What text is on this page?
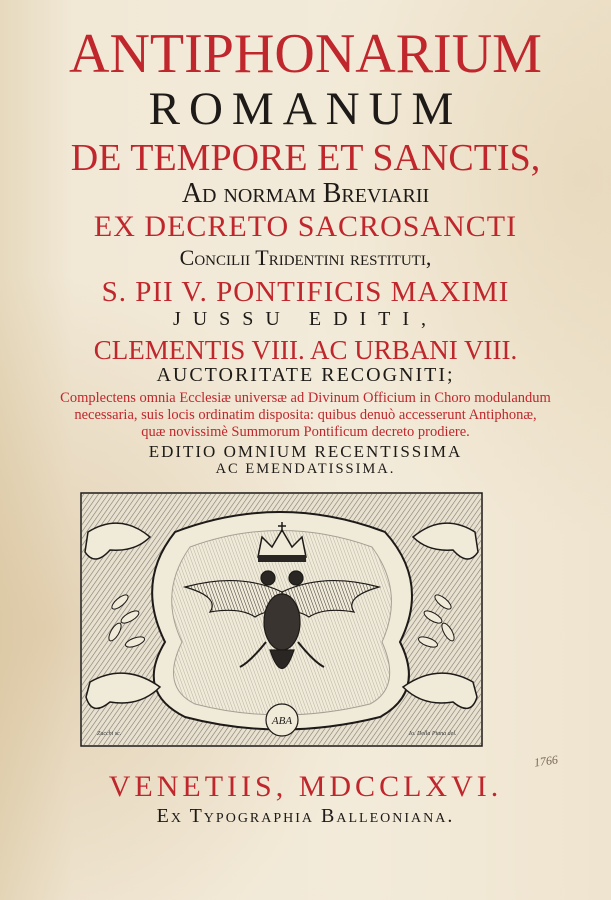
ANTIPHONARIUM
ROMANUM
DE TEMPORE ET SANCTIS,
Ad normam Breviarii
EX DECRETO SACROSANCTI
Concilii Tridentini restituti,
S. PII V. PONTIFICIS MAXIMI
JUSSU EDITI,
CLEMENTIS VIII. AC URBANI VIII.
AUCTORITATE RECOGNITI;
Complectens omnia Ecclesiæ universæ ad Divinum Officium in Choro modulandum
necessaria, suis locis ordinatim disposita: quibus denuò accesserunt Antiphonæ,
quæ novissimè Summorum Pontificum decreto prodiere.
EDITIO OMNIUM RECENTISSIMA
AC EMENDATISSIMA.
ABA
Zucchi sc.	Io. Della Piana del.
1766
VENETIIS, MDCCLXVI.
Ex Typographia Balleoniana.
